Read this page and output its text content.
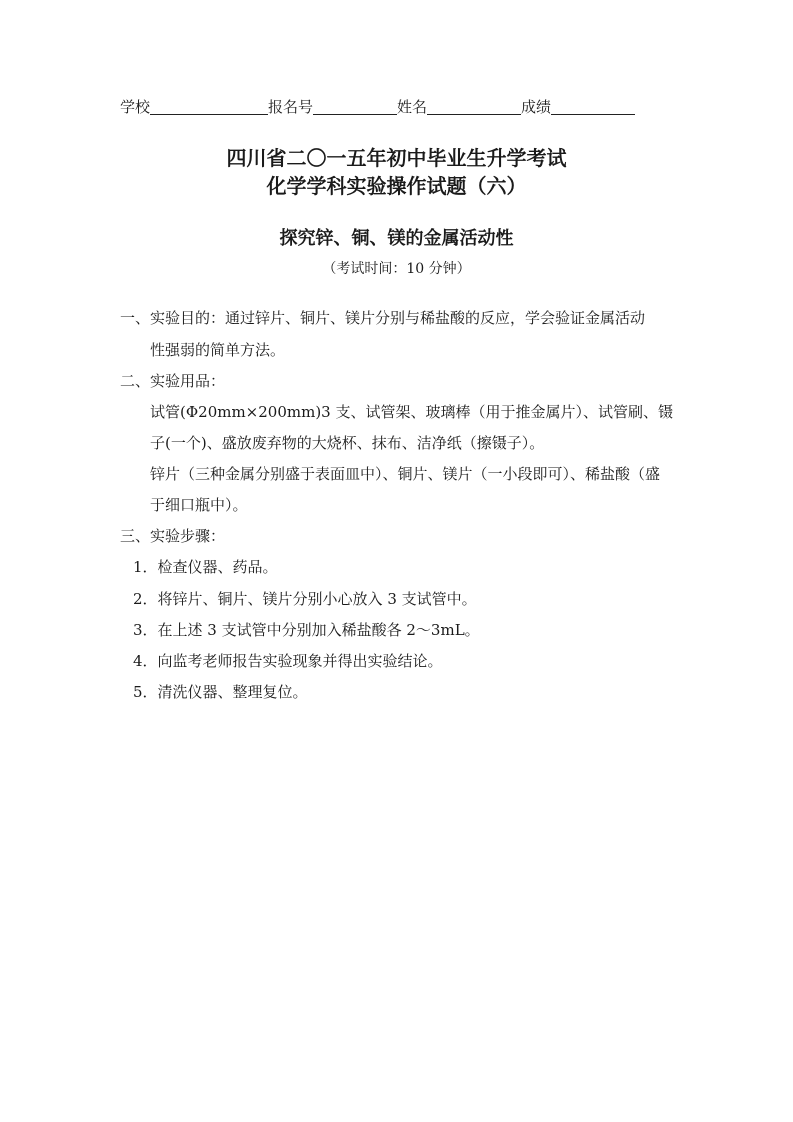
学校	报名号	姓名	成绩
四川省二〇一五年初中毕业生升学考试
化学学科实验操作试题（六）
探究锌、铜、镁的金属活动性
（考试时间：10 分钟）
一、实验目的：通过锌片、铜片、镁片分别与稀盐酸的反应，学会验证金属活动
性强弱的简单方法。
二、实验用品：
试管(Φ20mm×200mm)3 支、试管架、玻璃棒（用于推金属片）、试管刷、镊
子(一个)、盛放废弃物的大烧杯、抹布、洁净纸（擦镊子）。
锌片（三种金属分别盛于表面皿中）、铜片、镁片（一小段即可）、稀盐酸（盛
于细口瓶中）。
三、实验步骤：
1．检查仪器、药品。
2．将锌片、铜片、镁片分别小心放入 3 支试管中。
3．在上述 3 支试管中分别加入稀盐酸各 2～3mL。
4．向监考老师报告实验现象并得出实验结论。
5．清洗仪器、整理复位。
